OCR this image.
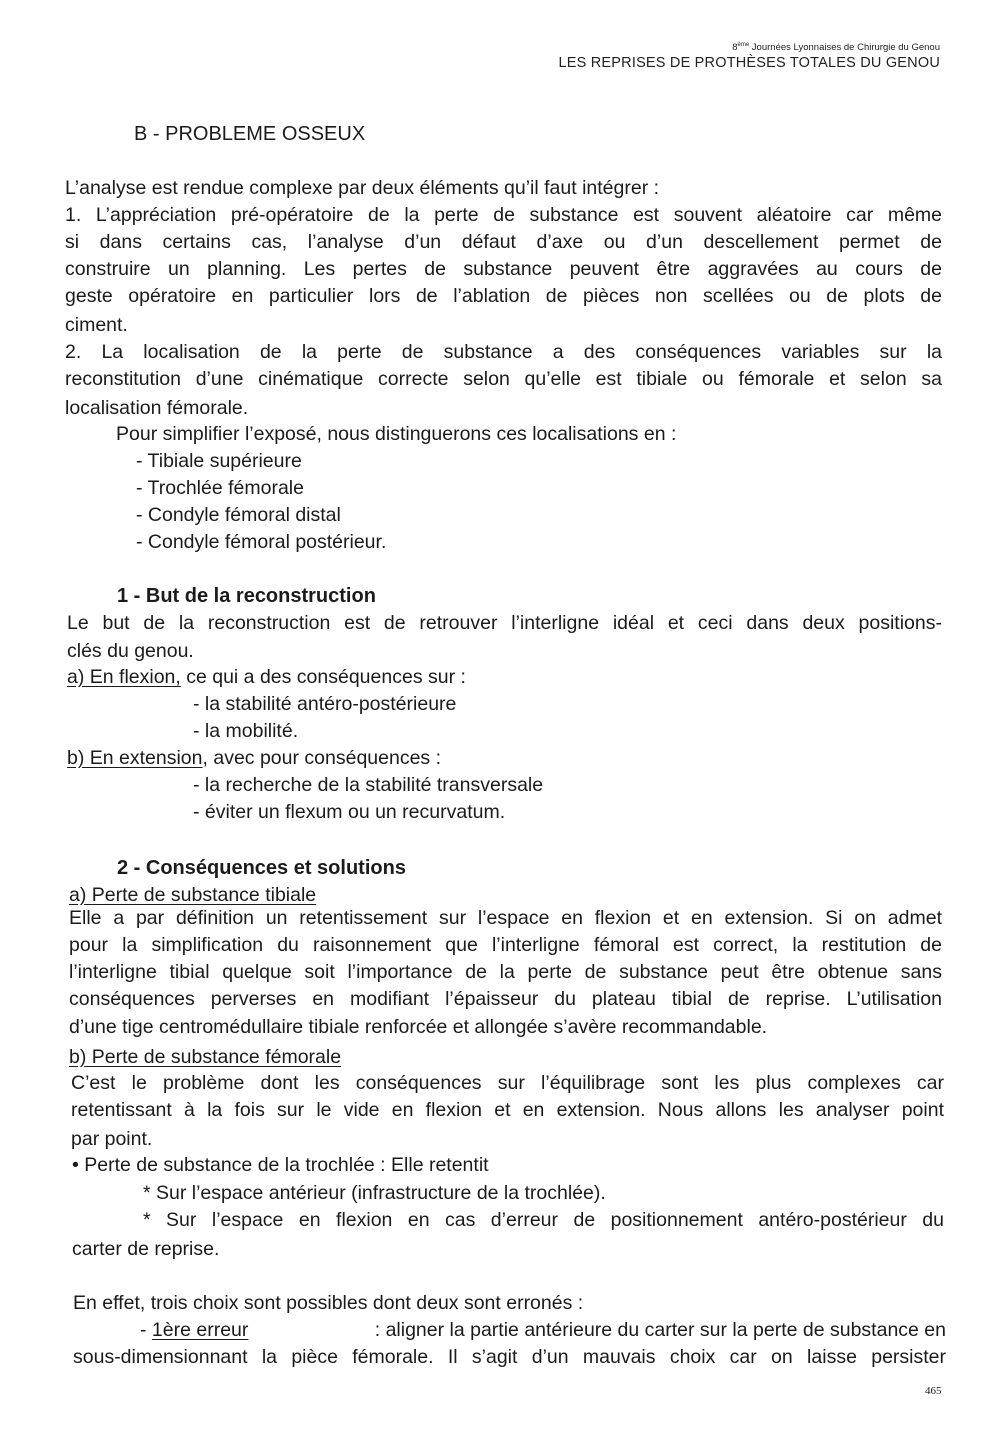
8ème Journées Lyonnaises de Chirurgie du Genou
LES REPRISES DE PROTHÈSES TOTALES DU GENOU
B - PROBLEME OSSEUX
L’analyse est rendue complexe par deux éléments qu’il faut intégrer :
1. L’appréciation pré-opératoire de la perte de substance est souvent aléatoire car même
si dans certains cas, l’analyse d’un défaut d’axe ou d’un descellement permet de
construire un planning. Les pertes de substance peuvent être aggravées au cours de
geste opératoire en particulier lors de l’ablation de pièces non scellées ou de plots de
ciment.
2. La localisation de la perte de substance a des conséquences variables sur la
reconstitution d’une cinématique correcte selon qu’elle est tibiale ou fémorale et selon sa
localisation fémorale.
Pour simplifier l’exposé, nous distinguerons ces localisations en :
- Tibiale supérieure
- Trochlée fémorale
- Condyle fémoral distal
- Condyle fémoral postérieur.
1 - But de la reconstruction
Le but de la reconstruction est de retrouver l’interligne idéal et ceci dans deux positions-
clés du genou.
a) En flexion, ce qui a des conséquences sur :
- la stabilité antéro-postérieure
- la mobilité.
b) En extension, avec pour conséquences :
- la recherche de la stabilité transversale
- éviter un flexum ou un recurvatum.
2 - Conséquences et solutions
a) Perte de substance tibiale
Elle a par définition un retentissement sur l’espace en flexion et en extension. Si on admet
pour la simplification du raisonnement que l’interligne fémoral est correct, la restitution de
l’interligne tibial quelque soit l’importance de la perte de substance peut être obtenue sans
conséquences perverses en modifiant l’épaisseur du plateau tibial de reprise. L’utilisation
d’une tige centromédullaire tibiale renforcée et allongée s’avère recommandable.
b) Perte de substance fémorale
C’est le problème dont les conséquences sur l’équilibrage sont les plus complexes car
retentissant à la fois sur le vide en flexion et en extension. Nous allons les analyser point
par point.
• Perte de substance de la trochlée : Elle retentit
* Sur l’espace antérieur (infrastructure de la trochlée).
* Sur l’espace en flexion en cas d’erreur de positionnement antéro-postérieur du
carter de reprise.
En effet, trois choix sont possibles dont deux sont erronés :
- 1ère erreur	: aligner la partie antérieure du carter sur la perte de substance en
sous-dimensionnant la pièce fémorale. Il s’agit d’un mauvais choix car on laisse persister
465
